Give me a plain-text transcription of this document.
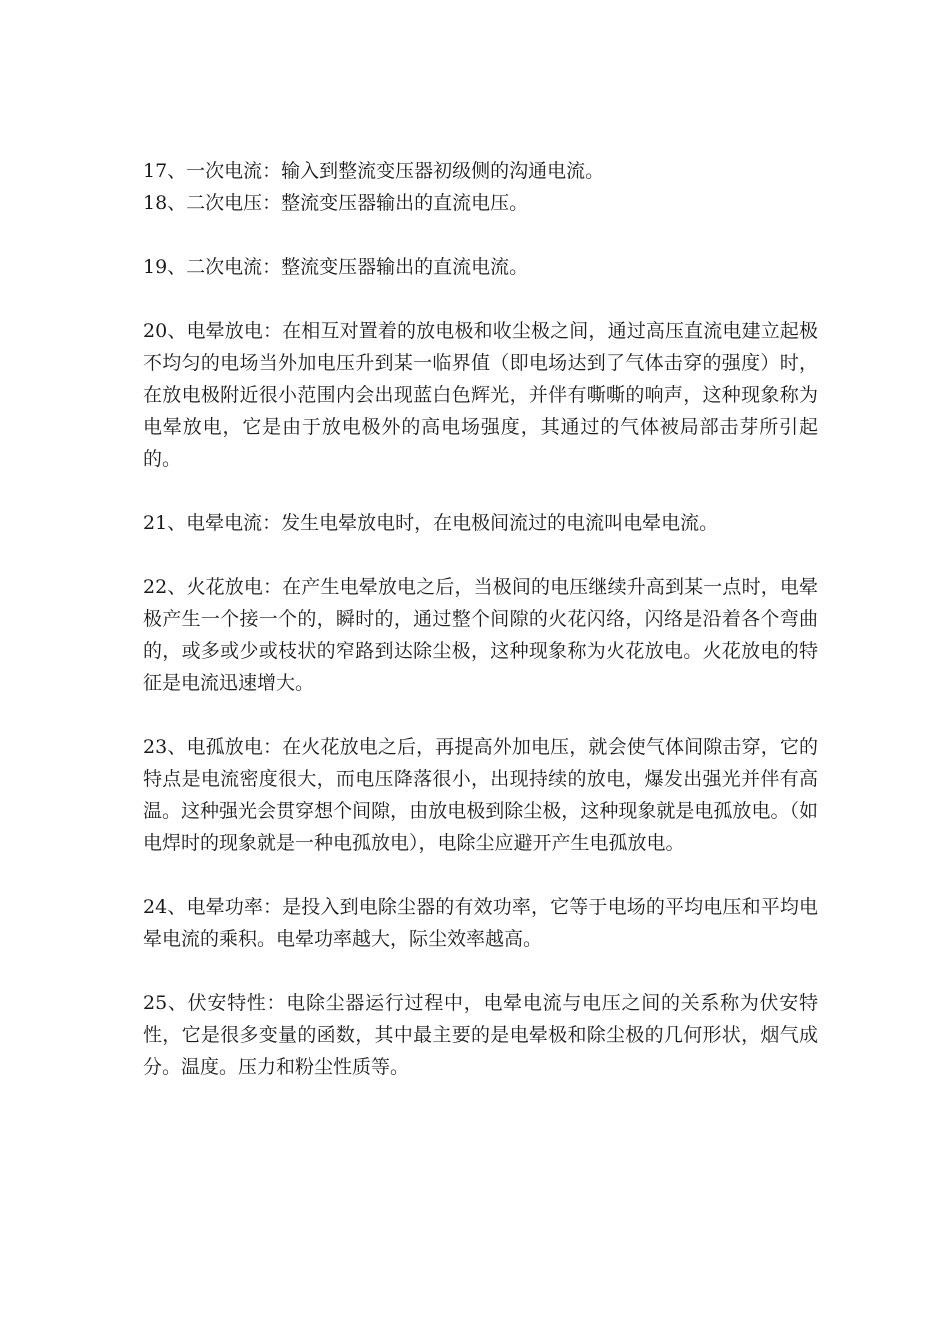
17、一次电流：输入到整流变压器初级侧的沟通电流。

18、二次电压：整流变压器输出的直流电压。

19、二次电流：整流变压器输出的直流电流。

20、电晕放电：在相互对置着的放电极和收尘极之间，通过高压直流电建立起极不均匀的电场当外加电压升到某一临界值（即电场达到了气体击穿的强度）时，在放电极附近很小范围内会出现蓝白色辉光，并伴有嘶嘶的响声，这种现象称为电晕放电，它是由于放电极外的高电场强度，其通过的气体被局部击芽所引起的。

21、电晕电流：发生电晕放电时，在电极间流过的电流叫电晕电流。

22、火花放电：在产生电晕放电之后，当极间的电压继续升高到某一点时，电晕极产生一个接一个的，瞬时的，通过整个间隙的火花闪络，闪络是沿着各个弯曲的，或多或少或枝状的窄路到达除尘极，这种现象称为火花放电。火花放电的特征是电流迅速增大。

23、电孤放电：在火花放电之后，再提高外加电压，就会使气体间隙击穿，它的特点是电流密度很大，而电压降落很小，出现持续的放电，爆发出强光并伴有高温。这种强光会贯穿想个间隙，由放电极到除尘极，这种现象就是电孤放电。（如电焊时的现象就是一种电孤放电），电除尘应避开产生电孤放电。

24、电晕功率：是投入到电除尘器的有效功率，它等于电场的平均电压和平均电晕电流的乘积。电晕功率越大，际尘效率越高。

25、伏安特性：电除尘器运行过程中，电晕电流与电压之间的关系称为伏安特性，它是很多变量的函数，其中最主要的是电晕极和除尘极的几何形状，烟气成分。温度。压力和粉尘性质等。
